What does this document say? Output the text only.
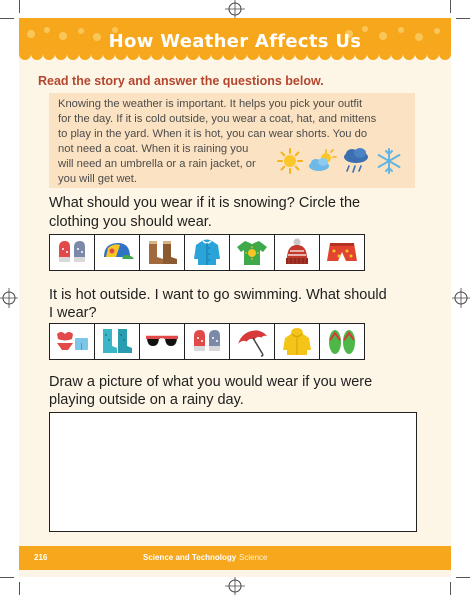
How Weather Affects Us
Read the story and answer the questions below.
Knowing the weather is important. It helps you pick your outfit
for the day. If it is cold outside, you wear a coat, hat, and mittens
to play in the yard. When it is hot, you can wear shorts. You do
not need a coat. When it is raining you
will need an umbrella or a rain jacket, or
you will get wet.
What should you wear if it is snowing? Circle the
clothing you should wear.
It is hot outside. I want to go swimming. What should
I wear?
Draw a picture of what you would wear if you were
playing outside on a rainy day.
216	Science and Technology Science
